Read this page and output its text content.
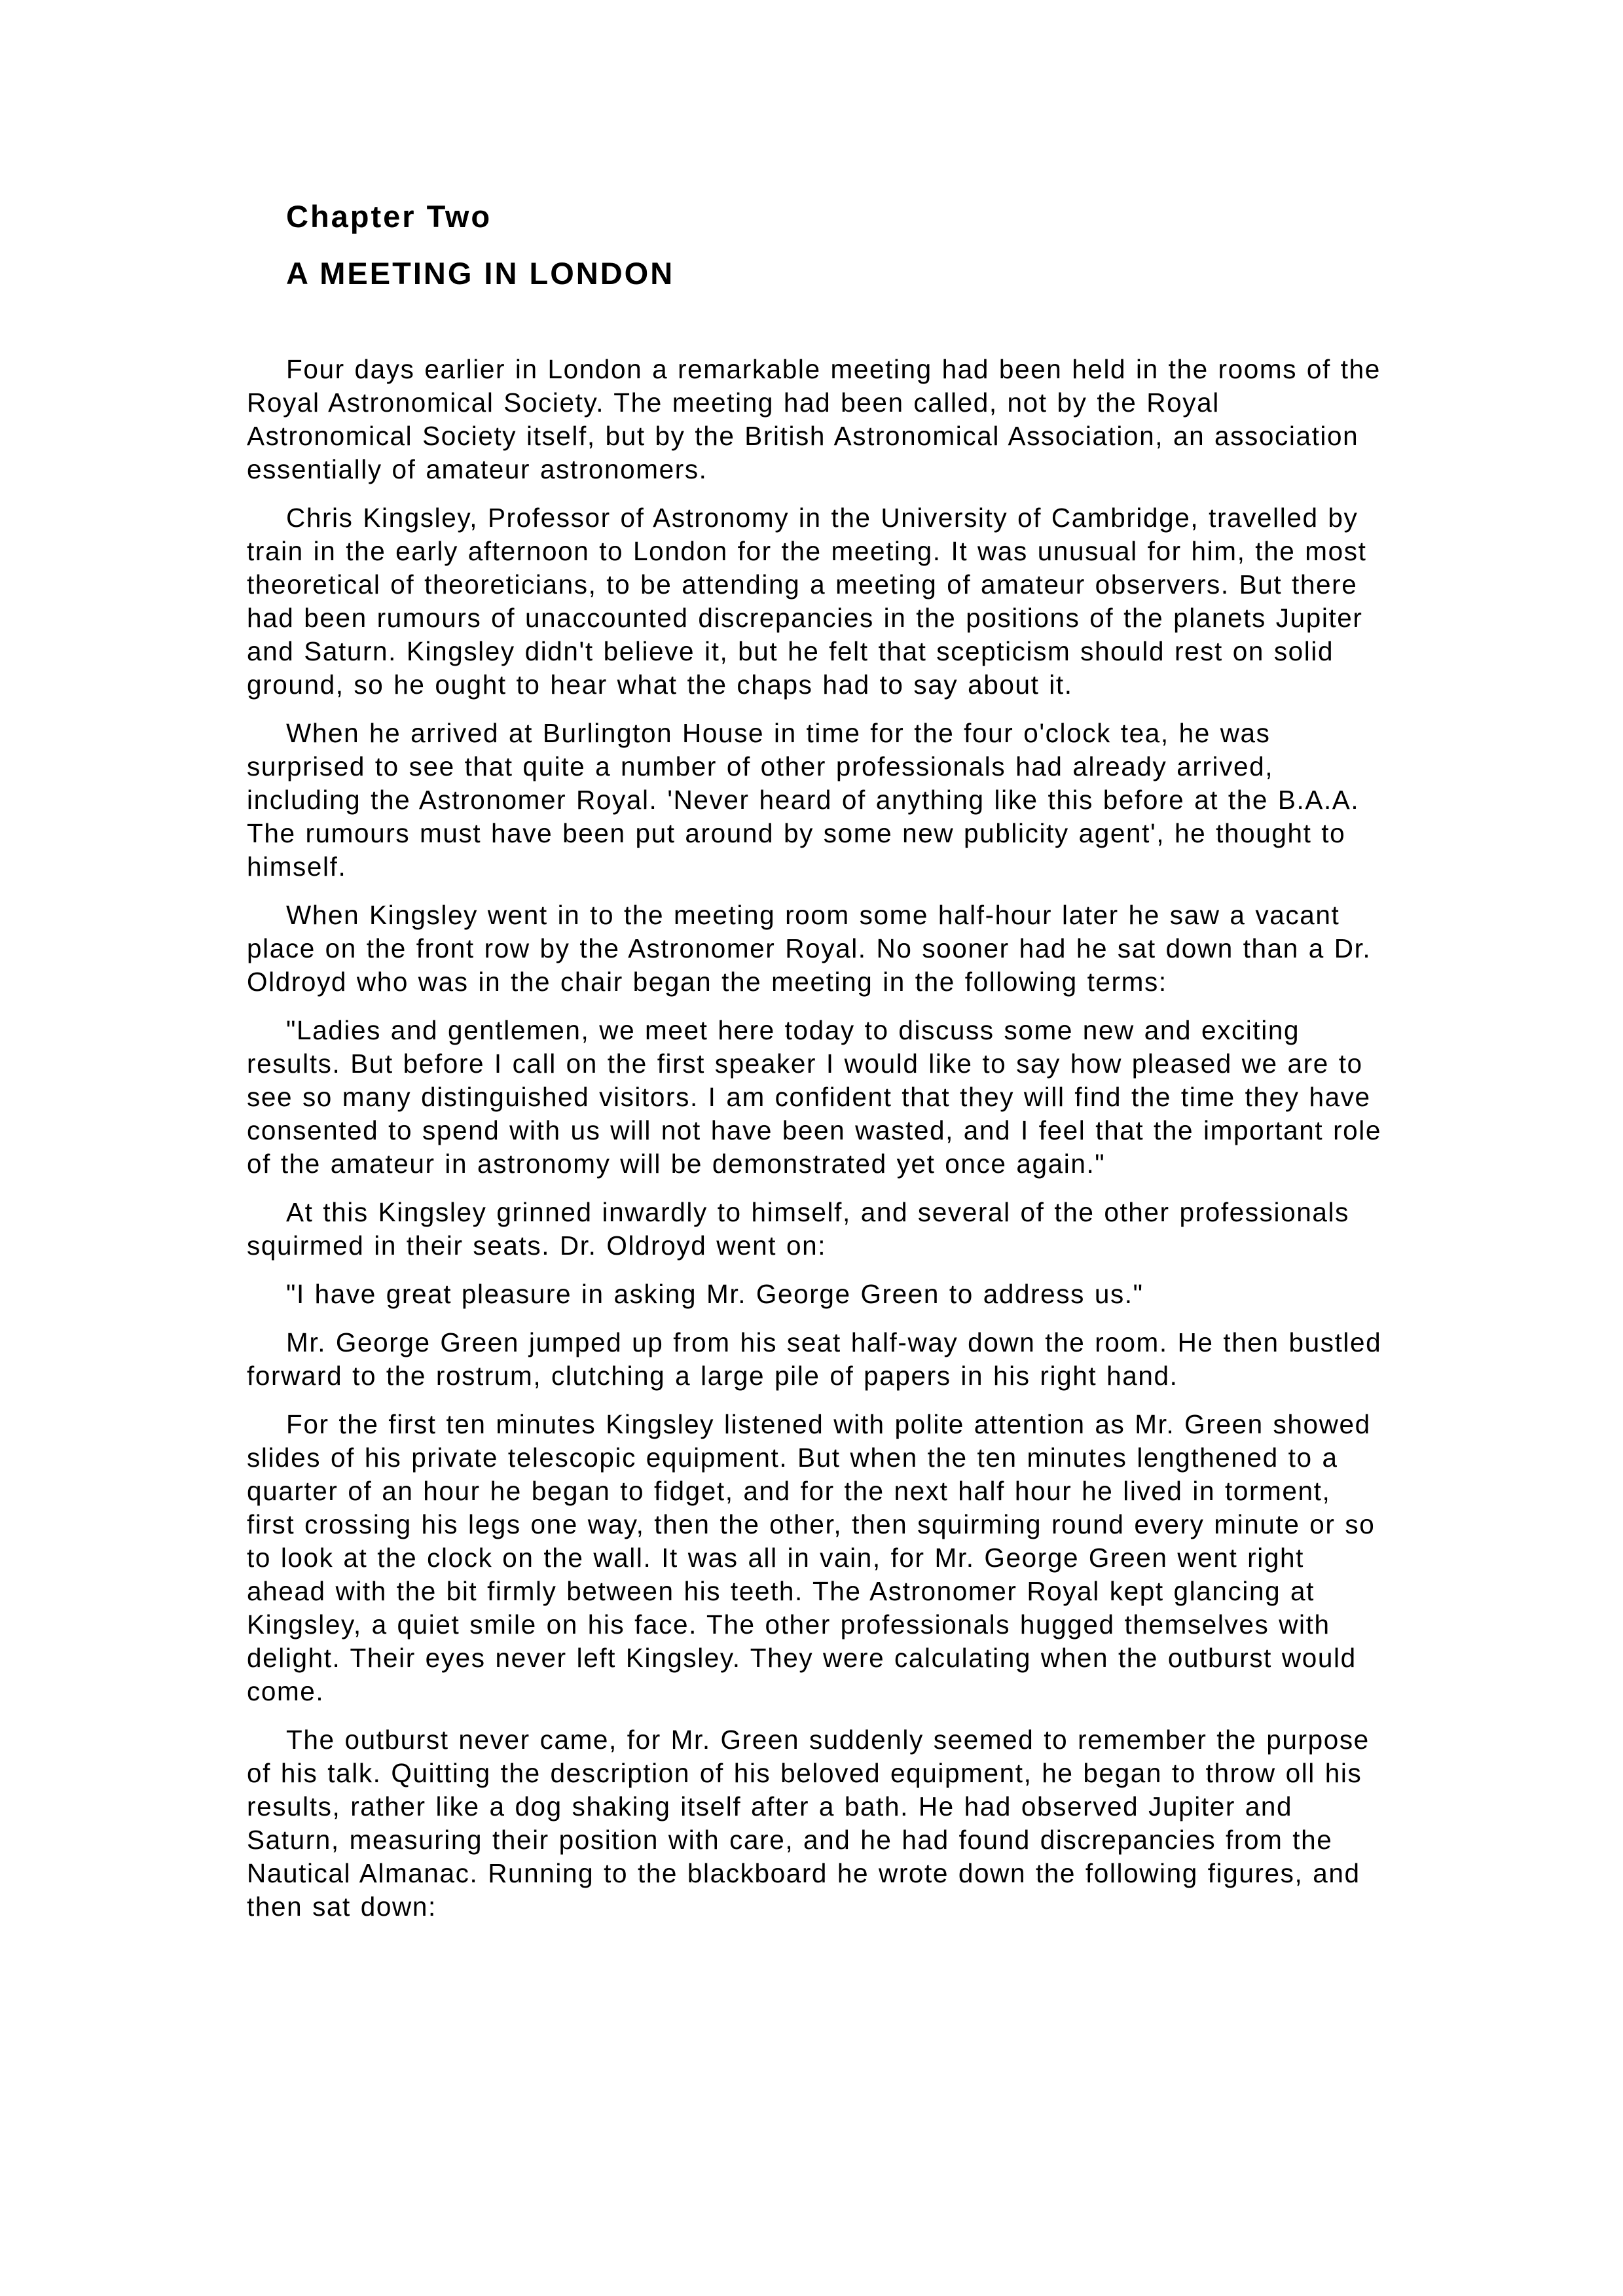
Chapter Two
A MEETING IN LONDON

Four days earlier in London a remarkable meeting had been held in the rooms of the Royal Astronomical Society. The meeting had been called, not by the Royal Astronomical Society itself, but by the British Astronomical Association, an association essentially of amateur astronomers.

Chris Kingsley, Professor of Astronomy in the University of Cambridge, travelled by train in the early afternoon to London for the meeting. It was unusual for him, the most theoretical of theoreticians, to be attending a meeting of amateur observers. But there had been rumours of unaccounted discrepancies in the positions of the planets Jupiter and Saturn. Kingsley didn't believe it, but he felt that scepticism should rest on solid ground, so he ought to hear what the chaps had to say about it.

When he arrived at Burlington House in time for the four o'clock tea, he was surprised to see that quite a number of other professionals had already arrived, including the Astronomer Royal. 'Never heard of anything like this before at the B.A.A. The rumours must have been put around by some new publicity agent', he thought to himself.

When Kingsley went in to the meeting room some half-hour later he saw a vacant place on the front row by the Astronomer Royal. No sooner had he sat down than a Dr. Oldroyd who was in the chair began the meeting in the following terms:

"Ladies and gentlemen, we meet here today to discuss some new and exciting results. But before I call on the first speaker I would like to say how pleased we are to see so many distinguished visitors. I am confident that they will find the time they have consented to spend with us will not have been wasted, and I feel that the important role of the amateur in astronomy will be demonstrated yet once again."

At this Kingsley grinned inwardly to himself, and several of the other professionals squirmed in their seats. Dr. Oldroyd went on:

"I have great pleasure in asking Mr. George Green to address us."

Mr. George Green jumped up from his seat half-way down the room. He then bustled forward to the rostrum, clutching a large pile of papers in his right hand.

For the first ten minutes Kingsley listened with polite attention as Mr. Green showed slides of his private telescopic equipment. But when the ten minutes lengthened to a quarter of an hour he began to fidget, and for the next half hour he lived in torment, first crossing his legs one way, then the other, then squirming round every minute or so to look at the clock on the wall. It was all in vain, for Mr. George Green went right ahead with the bit firmly between his teeth. The Astronomer Royal kept glancing at Kingsley, a quiet smile on his face. The other professionals hugged themselves with delight. Their eyes never left Kingsley. They were calculating when the outburst would come.

The outburst never came, for Mr. Green suddenly seemed to remember the purpose of his talk. Quitting the description of his beloved equipment, he began to throw oll his results, rather like a dog shaking itself after a bath. He had observed Jupiter and Saturn, measuring their position with care, and he had found discrepancies from the Nautical Almanac. Running to the blackboard he wrote down the following figures, and then sat down:
